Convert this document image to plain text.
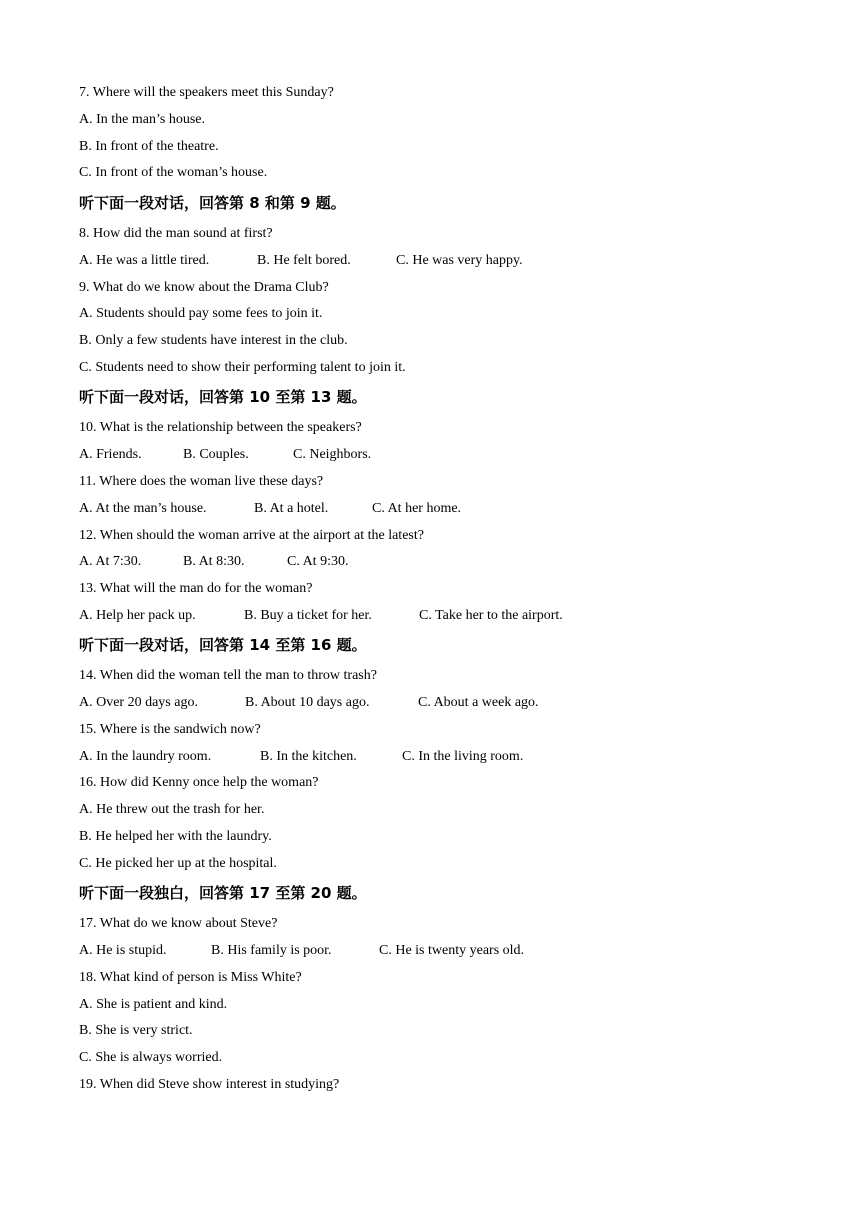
7. Where will the speakers meet this Sunday?
A. In the man’s house.
B. In front of the theatre.
C. In front of the woman’s house.
听下面一段对话，回答第 8 和第 9 题。
8. How did the man sound at first?
A. He was a little tired.	B. He felt bored.	C. He was very happy.
9. What do we know about the Drama Club?
A. Students should pay some fees to join it.
B. Only a few students have interest in the club.
C. Students need to show their performing talent to join it.
听下面一段对话，回答第 10 至第 13 题。
10. What is the relationship between the speakers?
A. Friends.	B. Couples.	C. Neighbors.
11. Where does the woman live these days?
A. At the man’s house.	B. At a hotel.	C. At her home.
12. When should the woman arrive at the airport at the latest?
A. At 7:30.	B. At 8:30.	C. At 9:30.
13. What will the man do for the woman?
A. Help her pack up.	B. Buy a ticket for her.	C. Take her to the airport.
听下面一段对话，回答第 14 至第 16 题。
14. When did the woman tell the man to throw trash?
A. Over 20 days ago.	B. About 10 days ago.	C. About a week ago.
15. Where is the sandwich now?
A. In the laundry room.	B. In the kitchen.	C. In the living room.
16. How did Kenny once help the woman?
A. He threw out the trash for her.
B. He helped her with the laundry.
C. He picked her up at the hospital.
听下面一段独白，回答第 17 至第 20 题。
17. What do we know about Steve?
A. He is stupid.	B. His family is poor.	C. He is twenty years old.
18. What kind of person is Miss White?
A. She is patient and kind.
B. She is very strict.
C. She is always worried.
19. When did Steve show interest in studying?
